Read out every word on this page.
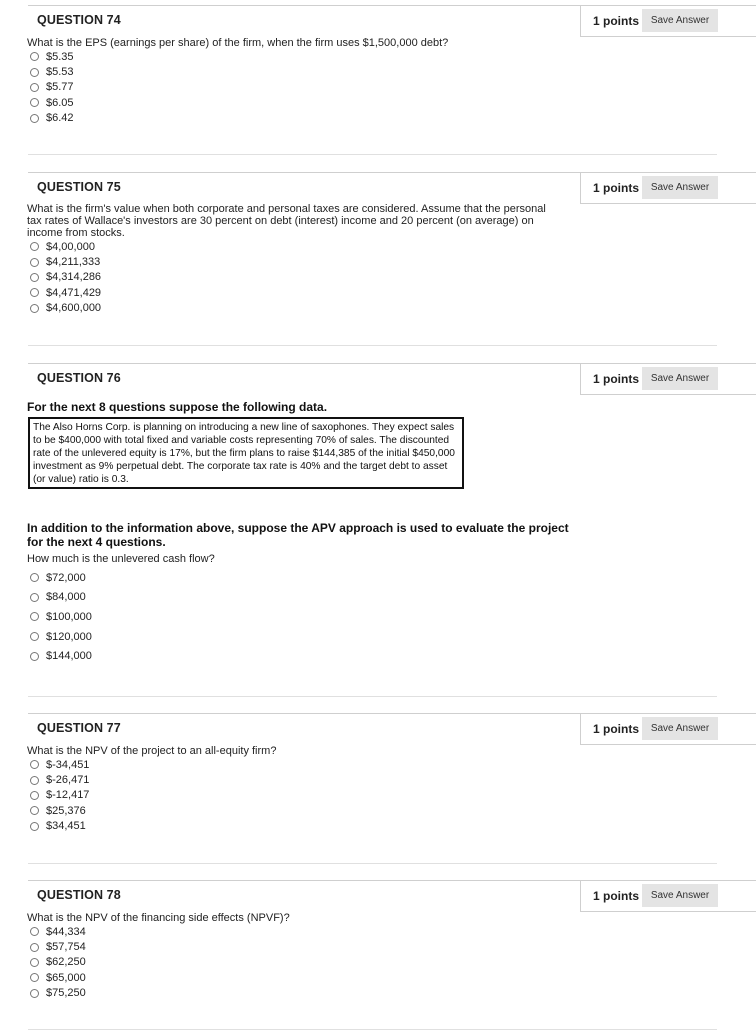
QUESTION 74	1 points	Save Answer
What is the EPS (earnings per share) of the firm, when the firm uses $1,500,000 debt?
$5.35
$5.53
$5.77
$6.05
$6.42
QUESTION 75	1 points	Save Answer
What is the firm's value when both corporate and personal taxes are considered. Assume that the personal tax rates of Wallace's investors are 30 percent on debt (interest) income and 20 percent (on average) on income from stocks.
$4,00,000
$4,211,333
$4,314,286
$4,471,429
$4,600,000
QUESTION 76	1 points	Save Answer
For the next 8 questions suppose the following data.
The Also Horns Corp. is planning on introducing a new line of saxophones. They expect sales to be $400,000 with total fixed and variable costs representing 70% of sales. The discounted rate of the unlevered equity is 17%, but the firm plans to raise $144,385 of the initial $450,000 investment as 9% perpetual debt. The corporate tax rate is 40% and the target debt to asset (or value) ratio is 0.3.
In addition to the information above, suppose the APV approach is used to evaluate the project for the next 4 questions.
How much is the unlevered cash flow?
$72,000
$84,000
$100,000
$120,000
$144,000
QUESTION 77	1 points	Save Answer
What is the NPV of the project to an all-equity firm?
$-34,451
$-26,471
$-12,417
$25,376
$34,451
QUESTION 78	1 points	Save Answer
What is the NPV of the financing side effects (NPVF)?
$44,334
$57,754
$62,250
$65,000
$75,250
